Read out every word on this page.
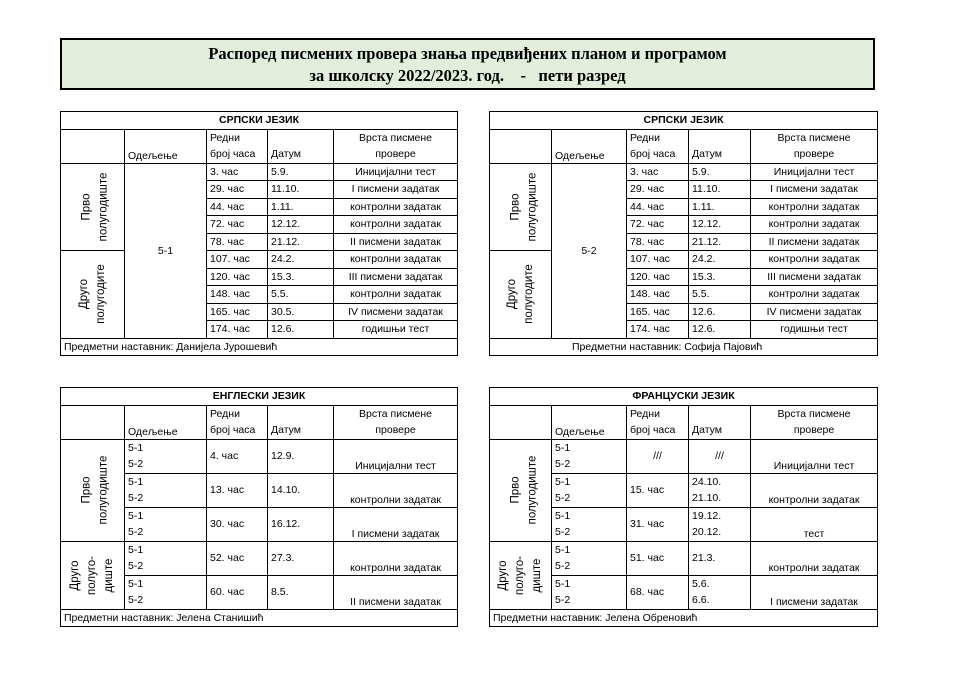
Распоред писмених провера знања предвиђених планом и програмом
за школску 2022/2023. год.    -   пети разред
СРПСКИ ЈЕЗИК				
	Одељење	Редни		Врста писмене
		број часа	Датум	провере

Прво полугодиште	5-1	3. час	5.9.	Иницијални тест
		29. час	11.10.	I писмени задатак
		44. час	1.11.	контролни задатак
		72. час	12.12.	контролни задатак
		78. час	21.12.	II писмени задатак

Друго полугодите		107. час	24.2.	контролни задатак
		120. час	15.3.	III писмени задатак
		148. час	5.5.	контролни задатак
		165. час	30.5.	IV писмени задатак
		174. час	12.6.	годишњи тест
Предметни наставник: Данијела Јурошевић				
СРПСКИ ЈЕЗИК				
	Одељење	Редни		Врста писмене
		број часа	Датум	провере

Прво полугодиште	5-2	3. час	5.9.	Иницијални тест
		29. час	11.10.	I писмени задатак
		44. час	1.11.	контролни задатак
		72. час	12.12.	контролни задатак
		78. час	21.12.	II писмени задатак

Друго полугодите		107. час	24.2.	контролни задатак
		120. час	15.3.	III писмени задатак
		148. час	5.5.	контролни задатак
		165. час	12.6.	IV писмени задатак
		174. час	12.6.	годишњи тест
Предметни наставник: Софија Пајовић				
ЕНГЛЕСКИ ЈЕЗИК				
	Одељење	Редни		Врста писмене
		број часа	Датум	провере

Прво полугодиште	5-1	4. час	12.9.	Иницијални тест
	5-2			
	5-1	13. час	14.10.	контролни задатак
	5-2			
	5-1	30. час	16.12.	I писмени задатак
	5-2			

Друго полуго- диште	5-1	52. час	27.3.	контролни задатак
	5-2			
	5-1	60. час	8.5.	II писмени задатак
	5-2			
Предметни наставник: Јелена Станишић				
ФРАНЦУСКИ ЈЕЗИК				
	Одељење	Редни		Врста писмене
		број часа	Датум	провере

Прво полугодиште	5-1	///	///	Иницијални тест
	5-2			
	5-1	15. час	24.10.	контролни задатак
	5-2		21.10.	
	5-1	31. час	19.12.	тест
	5-2		20.12.	

Друго полуго- диште	5-1	51. час	21.3.	контролни задатак
	5-2			
	5-1	68. час	5.6.	I писмени задатак
	5-2		6.6.	
Предметни наставник: Јелена Обреновић				
